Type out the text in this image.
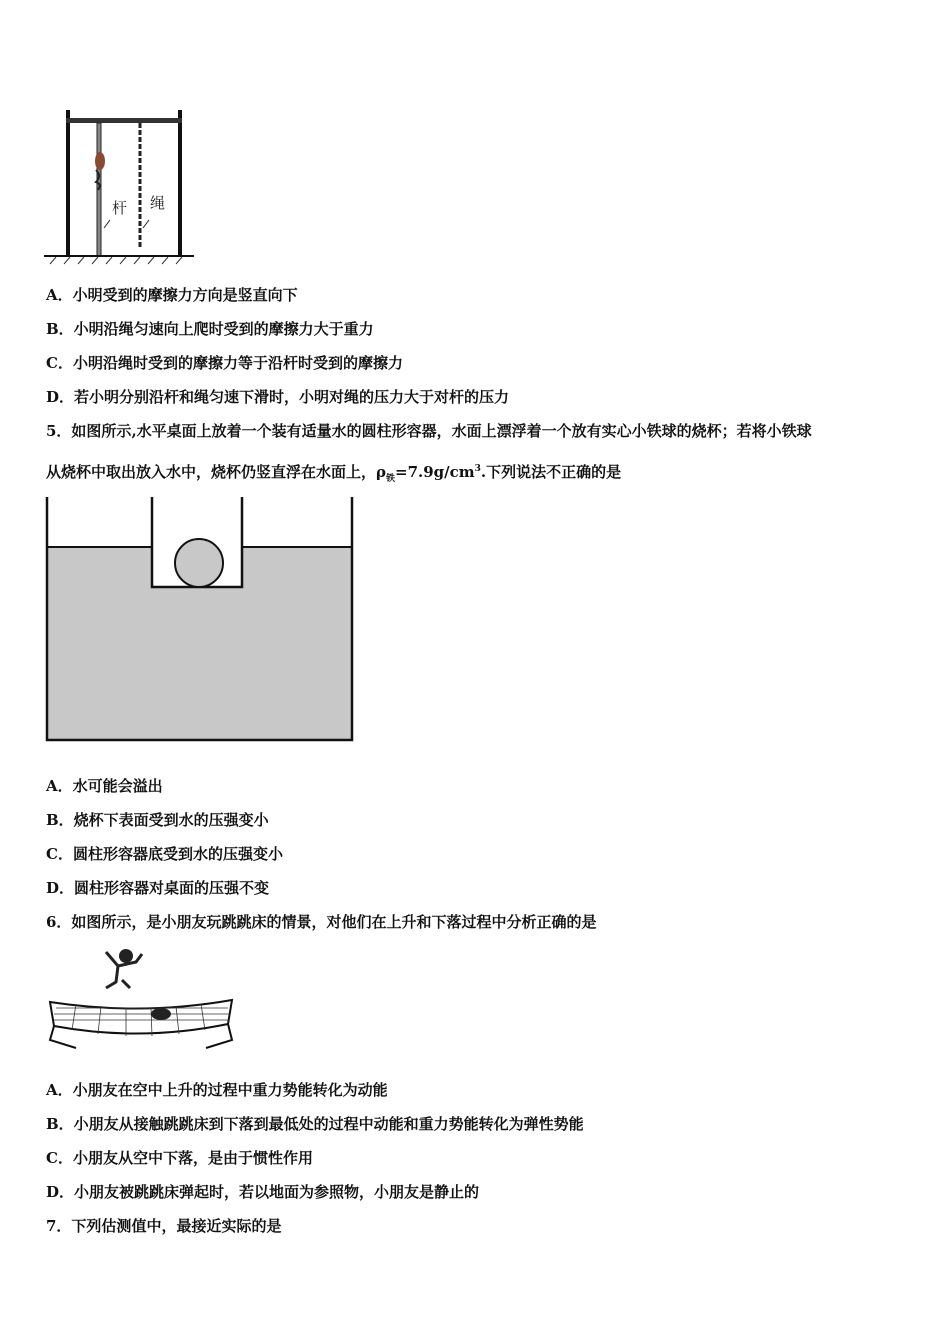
杆 绳
A．小明受到的摩擦力方向是竖直向下
B．小明沿绳匀速向上爬时受到的摩擦力大于重力
C．小明沿绳时受到的摩擦力等于沿杆时受到的摩擦力
D．若小明分别沿杆和绳匀速下滑时，小明对绳的压力大于对杆的压力
5．如图所示,水平桌面上放着一个装有适量水的圆柱形容器，水面上漂浮着一个放有实心小铁球的烧杯；若将小铁球
从烧杯中取出放入水中，烧杯仍竖直浮在水面上，$\rho_铁=7.9g/cm^3$.下列说法不正确的是
A．水可能会溢出
B．烧杯下表面受到水的压强变小
C．圆柱形容器底受到水的压强变小
D．圆柱形容器对桌面的压强不变
6．如图所示，是小朋友玩跳跳床的情景，对他们在上升和下落过程中分析正确的是
A．小朋友在空中上升的过程中重力势能转化为动能
B．小朋友从接触跳跳床到下落到最低处的过程中动能和重力势能转化为弹性势能
C．小朋友从空中下落，是由于惯性作用
D．小朋友被跳跳床弹起时，若以地面为参照物，小朋友是静止的
7．下列估测值中，最接近实际的是
